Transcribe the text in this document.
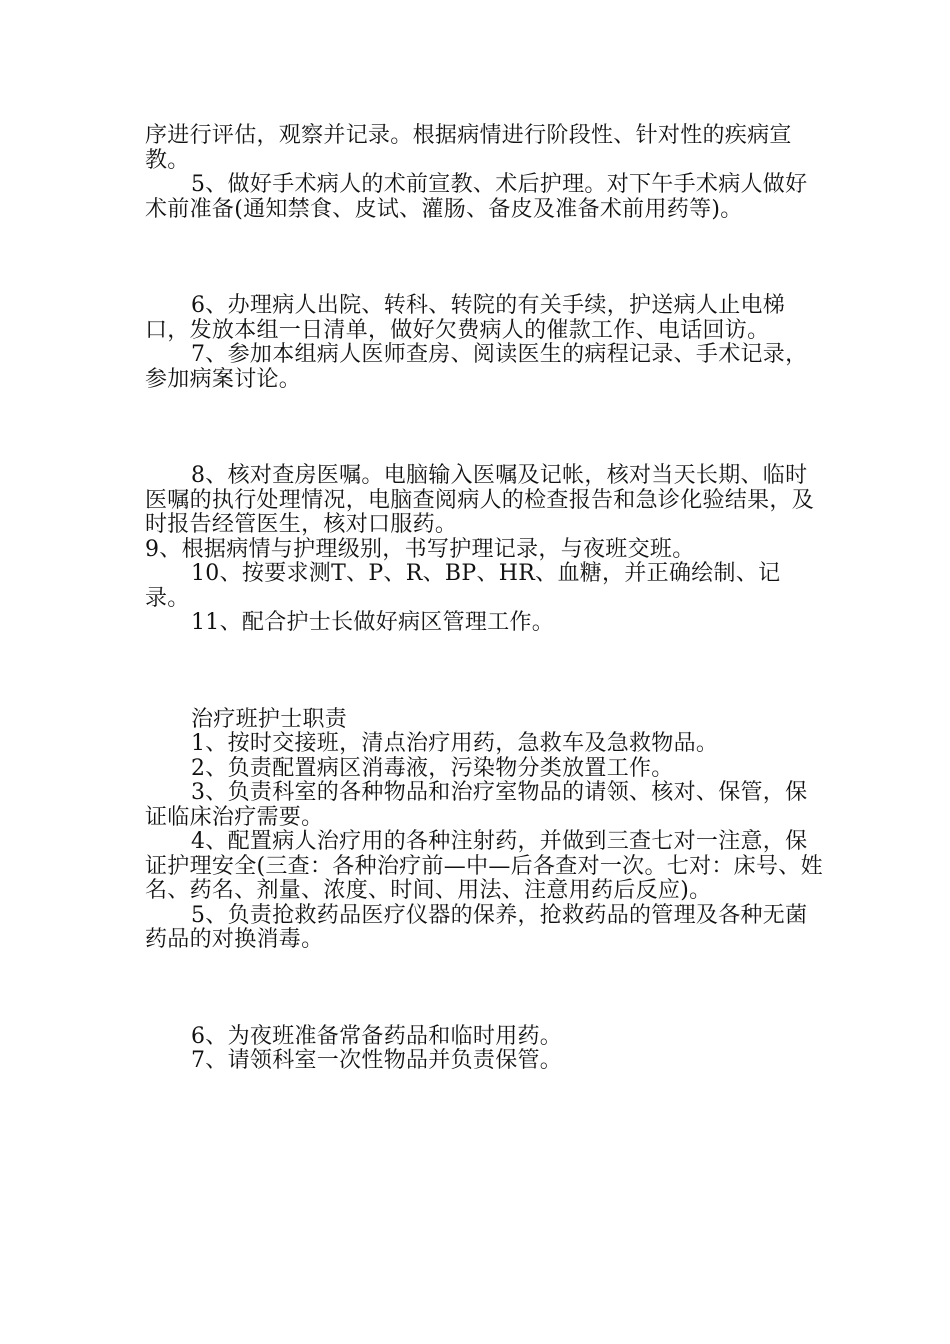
序进行评估，观察并记录。根据病情进行阶段性、针对性的疾病宣教。

5、做好手术病人的术前宣教、术后护理。对下午手术病人做好术前准备(通知禁食、皮试、灌肠、备皮及准备术前用药等)。

6、办理病人出院、转科、转院的有关手续，护送病人止电梯口，发放本组一日清单，做好欠费病人的催款工作、电话回访。

7、参加本组病人医师查房、阅读医生的病程记录、手术记录，参加病案讨论。

8、核对查房医嘱。电脑输入医嘱及记帐，核对当天长期、临时医嘱的执行处理情况，电脑查阅病人的检查报告和急诊化验结果，及时报告经管医生，核对口服药。

9、根据病情与护理级别，书写护理记录，与夜班交班。

10、按要求测T、P、R、BP、HR、血糖，并正确绘制、记录。

11、配合护士长做好病区管理工作。

治疗班护士职责

1、按时交接班，清点治疗用药，急救车及急救物品。

2、负责配置病区消毒液，污染物分类放置工作。

3、负责科室的各种物品和治疗室物品的请领、核对、保管，保证临床治疗需要。

4、配置病人治疗用的各种注射药，并做到三查七对一注意，保证护理安全(三查：各种治疗前—中—后各查对一次。七对：床号、姓名、药名、剂量、浓度、时间、用法、注意用药后反应)。

5、负责抢救药品医疗仪器的保养，抢救药品的管理及各种无菌药品的对换消毒。

6、为夜班准备常备药品和临时用药。

7、请领科室一次性物品并负责保管。
